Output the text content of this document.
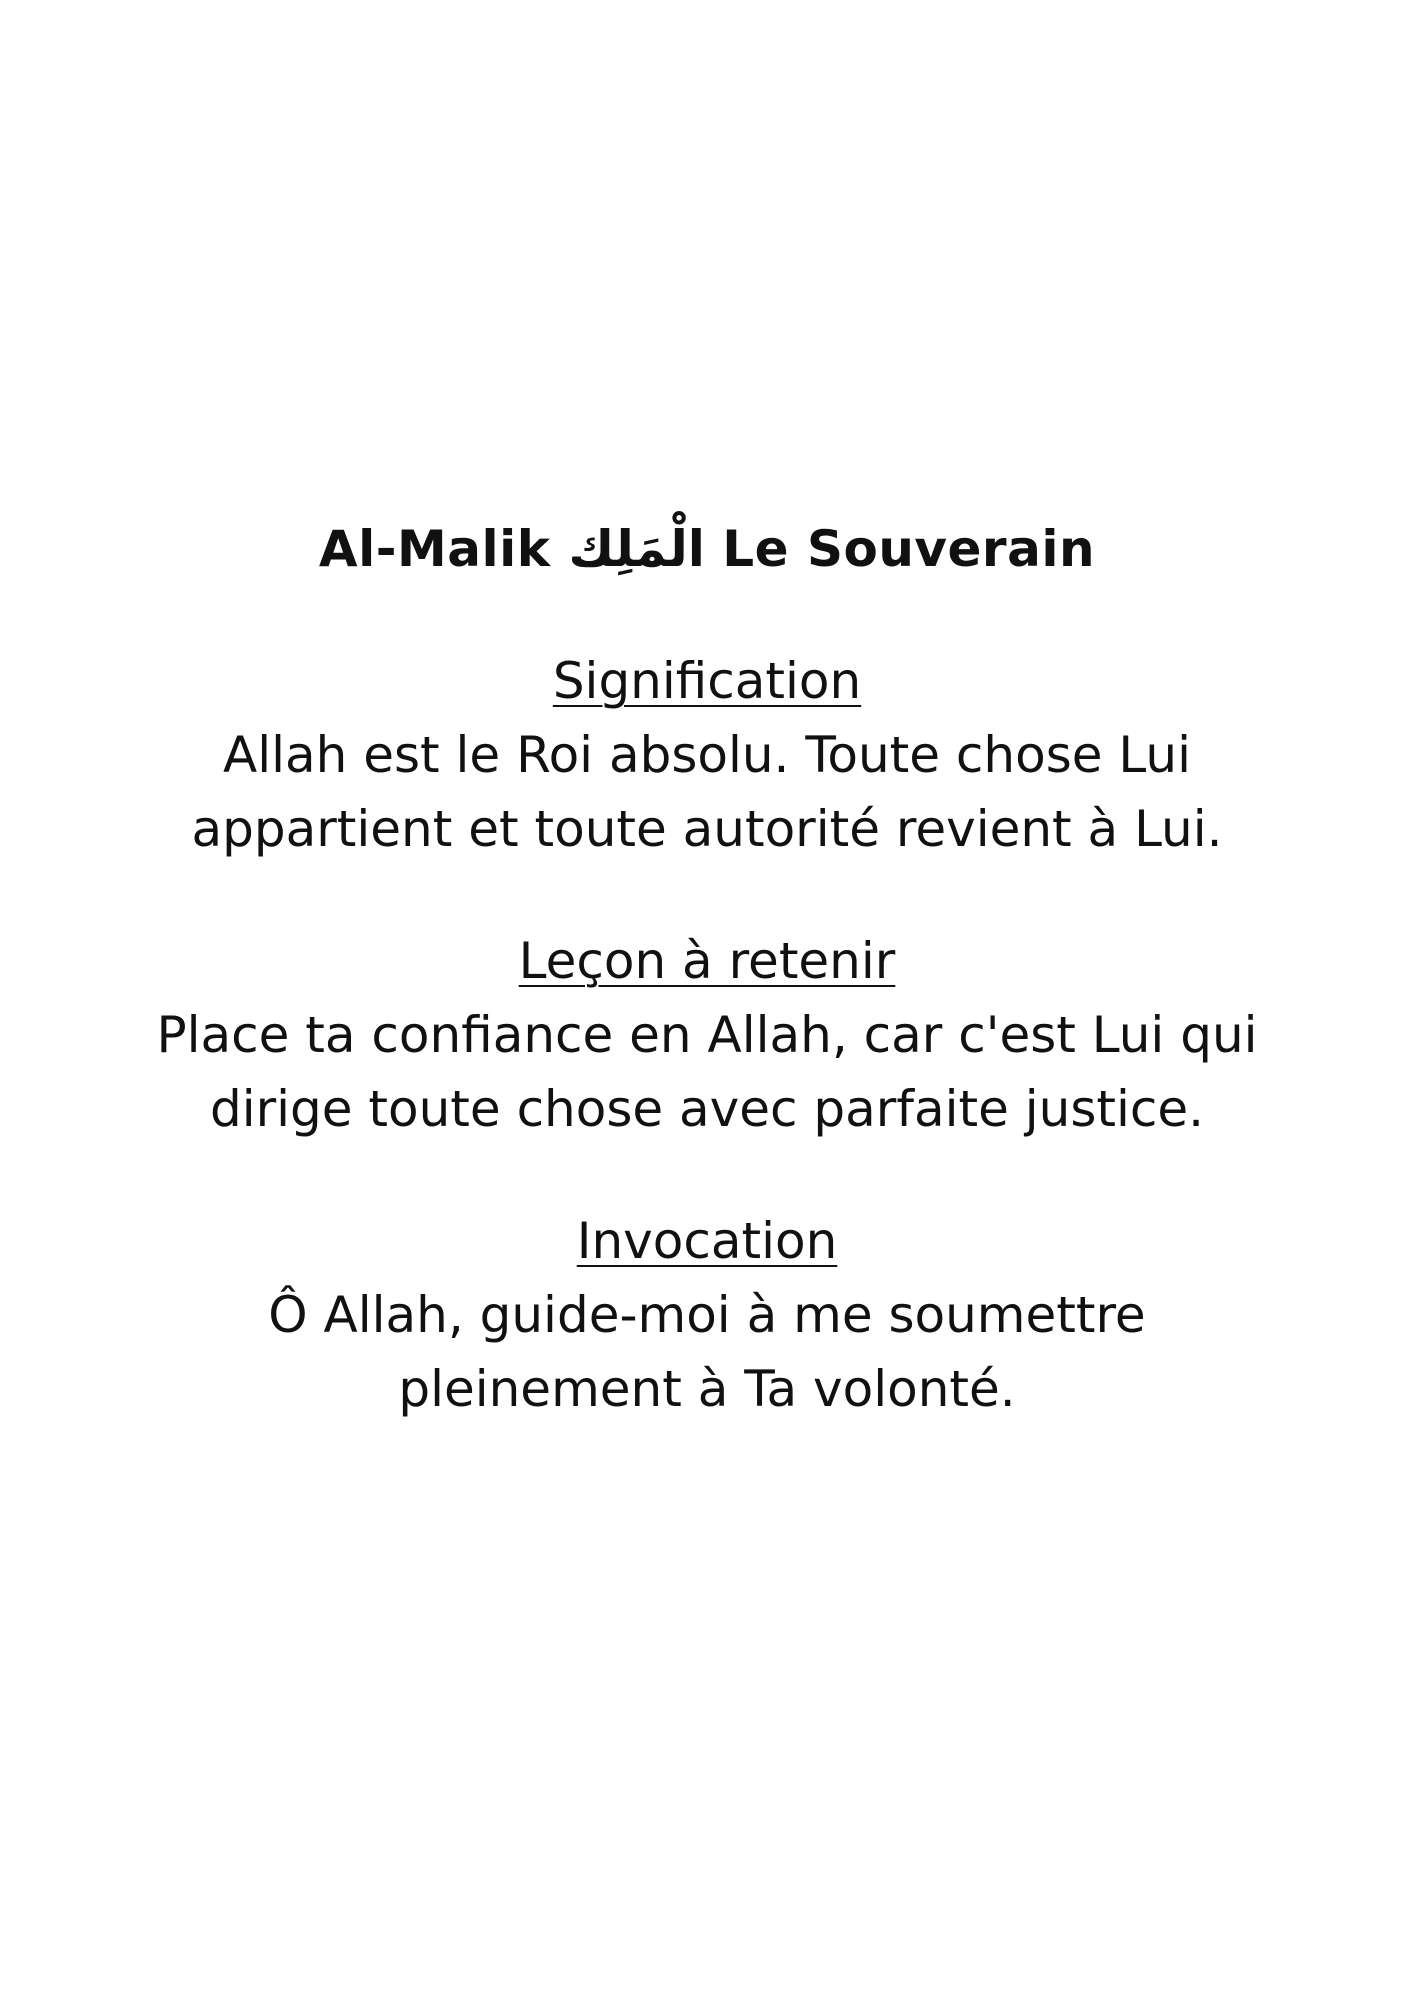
Al-Malik الْمَلِك Le Souverain
Signification

Allah est le Roi absolu. Toute chose Lui
appartient et toute autorité revient à Lui.

Leçon à retenir

Place ta confiance en Allah, car c'est Lui qui
dirige toute chose avec parfaite justice.

Invocation

Ô Allah, guide-moi à me soumettre
pleinement à Ta volonté.
